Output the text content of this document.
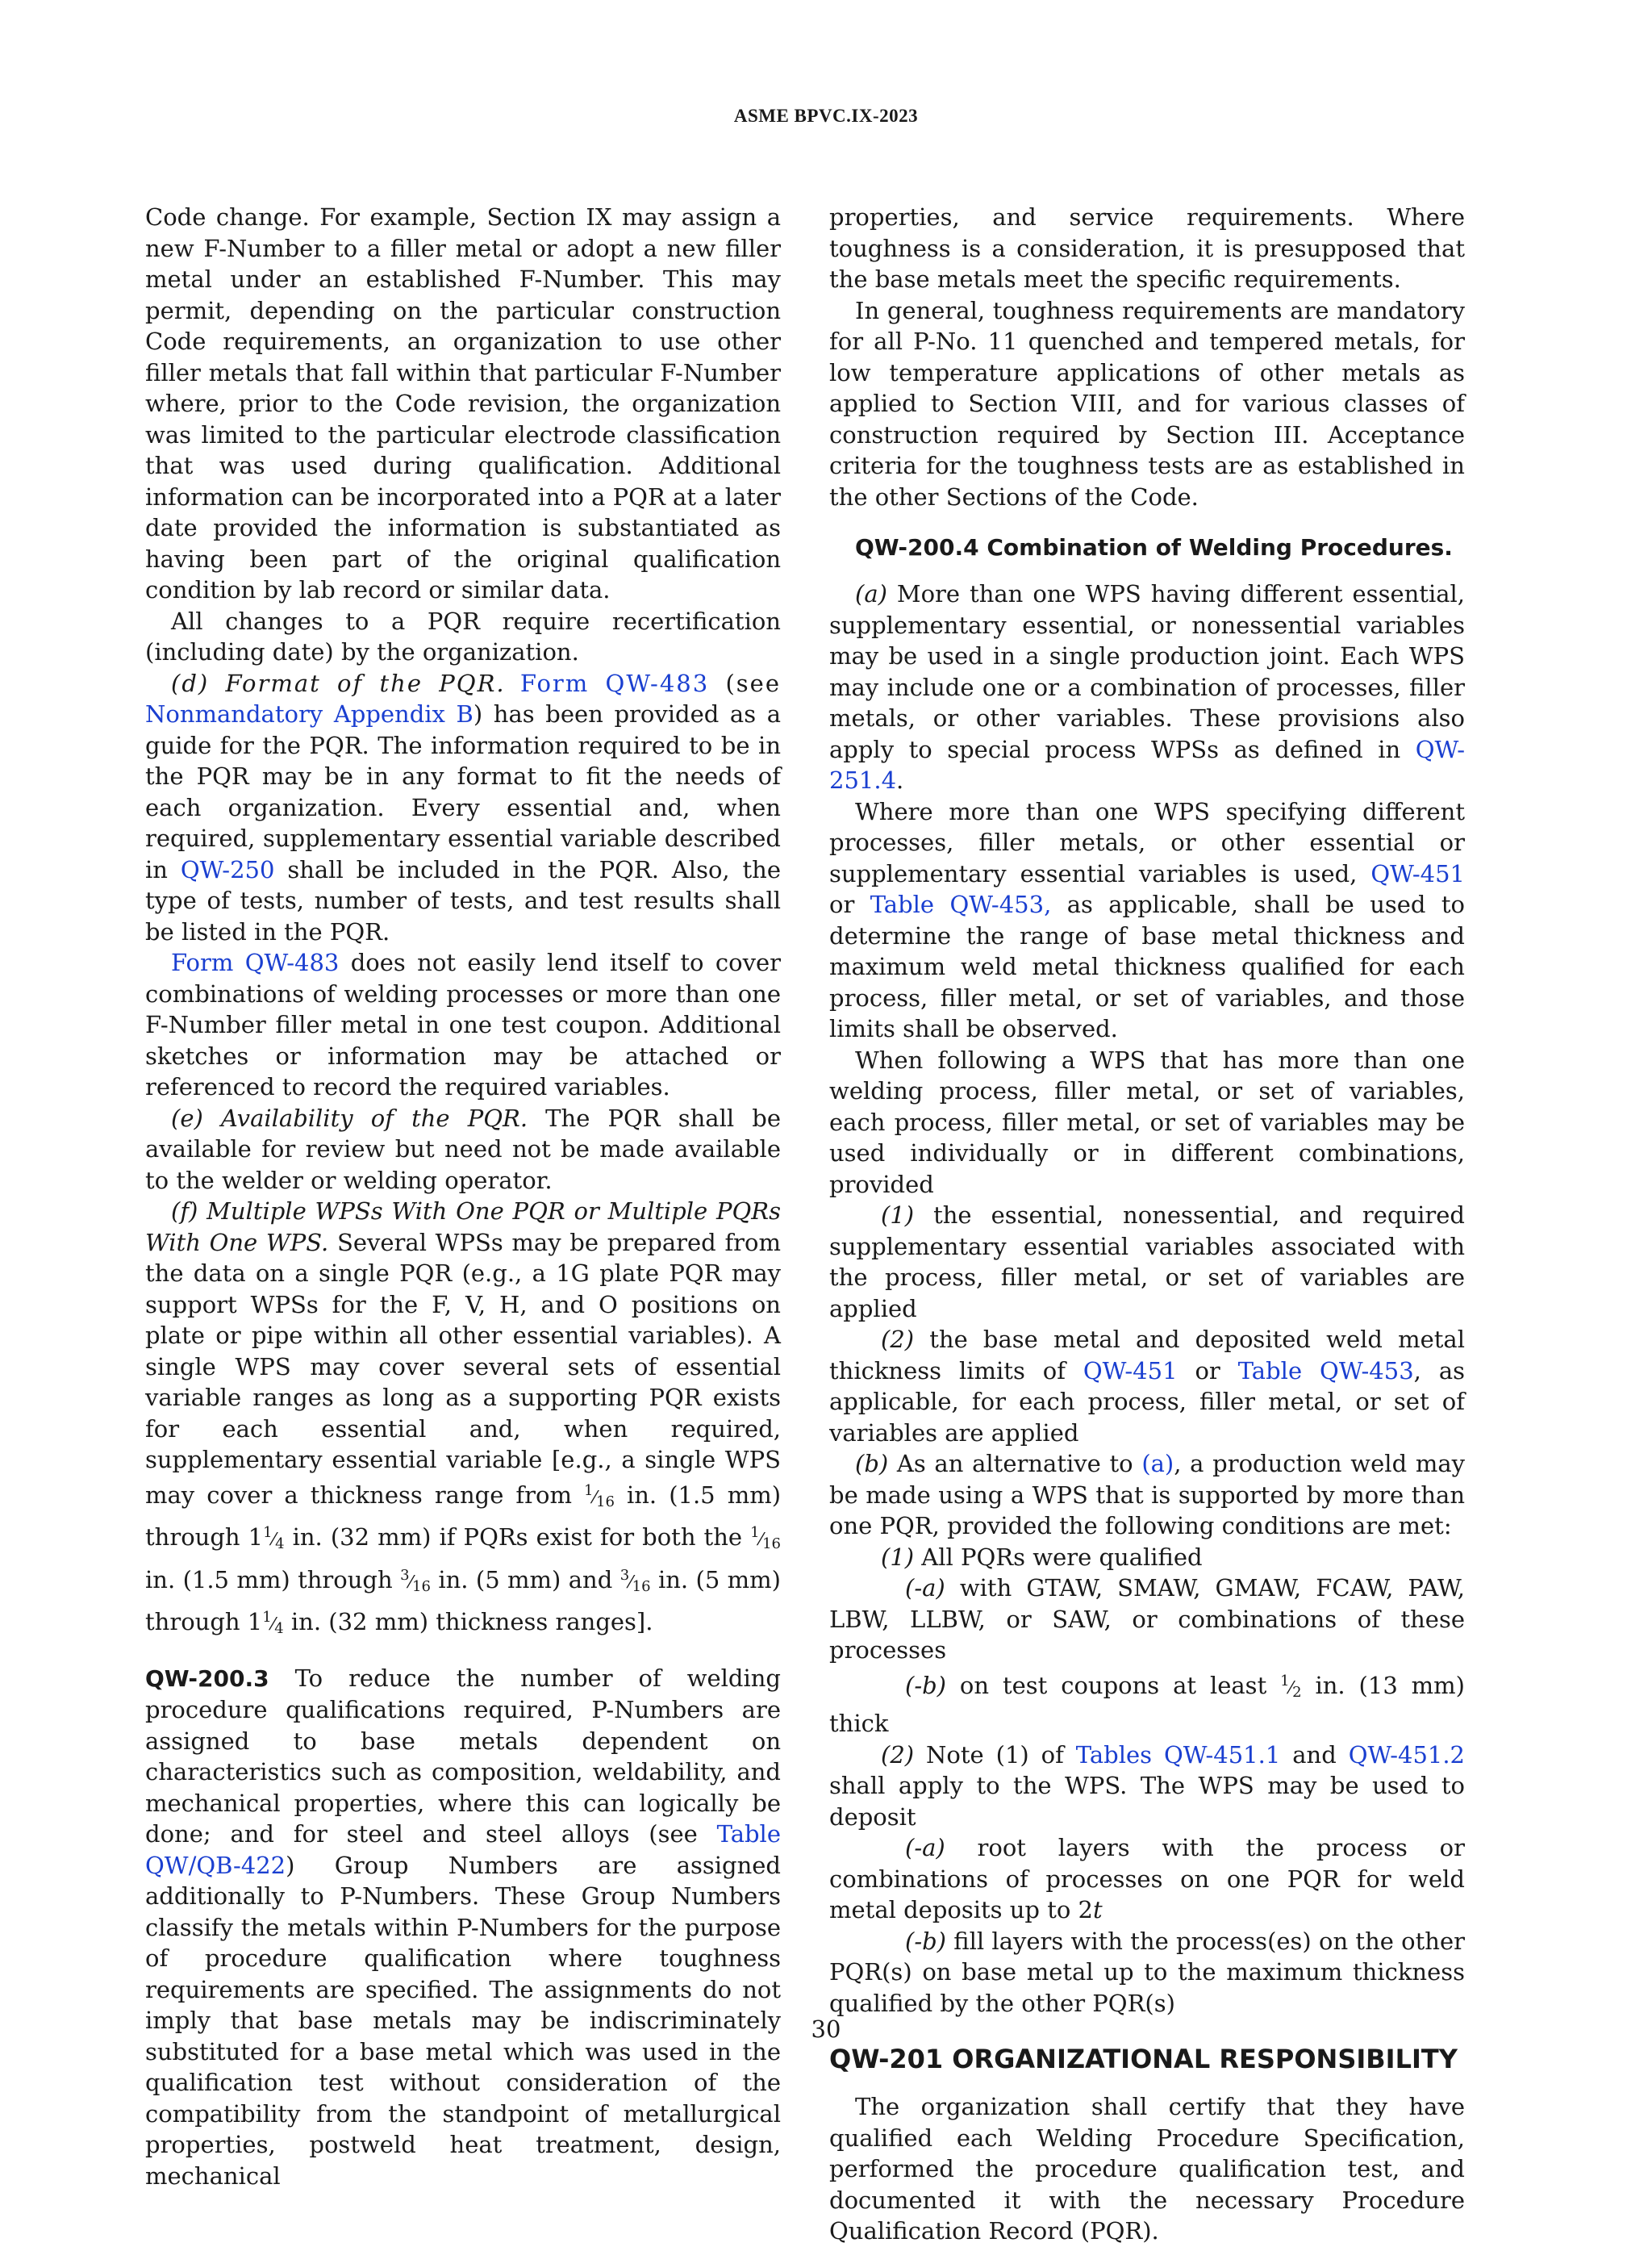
ASME BPVC.IX-2023

Code change. For example, Section IX may assign a new F-Number to a filler metal or adopt a new filler metal under an established F-Number. This may permit, depending on the particular construction Code requirements, an organization to use other filler metals that fall within that particular F-Number where, prior to the Code revision, the organization was limited to the particular electrode classification that was used during qualification. Additional information can be incorporated into a PQR at a later date provided the information is substantiated as having been part of the original qualification condition by lab record or similar data.

All changes to a PQR require recertification (including date) by the organization.

(d) Format of the PQR. Form QW-483 (see Nonmandatory Appendix B) has been provided as a guide for the PQR. The information required to be in the PQR may be in any format to fit the needs of each organization. Every essential and, when required, supplementary essential variable described in QW-250 shall be included in the PQR. Also, the type of tests, number of tests, and test results shall be listed in the PQR.

Form QW-483 does not easily lend itself to cover combinations of welding processes or more than one F-Number filler metal in one test coupon. Additional sketches or information may be attached or referenced to record the required variables.

(e) Availability of the PQR. The PQR shall be available for review but need not be made available to the welder or welding operator.

(f) Multiple WPSs With One PQR or Multiple PQRs With One WPS. Several WPSs may be prepared from the data on a single PQR (e.g., a 1G plate PQR may support WPSs for the F, V, H, and O positions on plate or pipe within all other essential variables). A single WPS may cover several sets of essential variable ranges as long as a supporting PQR exists for each essential and, when required, supplementary essential variable [e.g., a single WPS may cover a thickness range from $^1⁄_{16}$ in. (1.5 mm) through $1^1⁄_4$ in. (32 mm) if PQRs exist for both the $^1⁄_{16}$ in. (1.5 mm) through $^3⁄_{16}$ in. (5 mm) and $^3⁄_{16}$ in. (5 mm) through $1^1⁄_4$ in. (32 mm) thickness ranges].

QW-200.3 To reduce the number of welding procedure qualifications required, P-Numbers are assigned to base metals dependent on characteristics such as composition, weldability, and mechanical properties, where this can logically be done; and for steel and steel alloys (see Table QW/QB-422) Group Numbers are assigned additionally to P-Numbers. These Group Numbers classify the metals within P-Numbers for the purpose of procedure qualification where toughness requirements are specified. The assignments do not imply that base metals may be indiscriminately substituted for a base metal which was used in the qualification test without consideration of the compatibility from the standpoint of metallurgical properties, postweld heat treatment, design, mechanical

properties, and service requirements. Where toughness is a consideration, it is presupposed that the base metals meet the specific requirements.

In general, toughness requirements are mandatory for all P-No. 11 quenched and tempered metals, for low temperature applications of other metals as applied to Section VIII, and for various classes of construction required by Section III. Acceptance criteria for the toughness tests are as established in the other Sections of the Code.

QW-200.4 Combination of Welding Procedures.

(a) More than one WPS having different essential, supplementary essential, or nonessential variables may be used in a single production joint. Each WPS may include one or a combination of processes, filler metals, or other variables. These provisions also apply to special process WPSs as defined in QW-251.4.

Where more than one WPS specifying different processes, filler metals, or other essential or supplementary essential variables is used, QW-451 or Table QW-453, as applicable, shall be used to determine the range of base metal thickness and maximum weld metal thickness qualified for each process, filler metal, or set of variables, and those limits shall be observed.

When following a WPS that has more than one welding process, filler metal, or set of variables, each process, filler metal, or set of variables may be used individually or in different combinations, provided

(1) the essential, nonessential, and required supplementary essential variables associated with the process, filler metal, or set of variables are applied

(2) the base metal and deposited weld metal thickness limits of QW-451 or Table QW-453, as applicable, for each process, filler metal, or set of variables are applied

(b) As an alternative to (a), a production weld may be made using a WPS that is supported by more than one PQR, provided the following conditions are met:

(1) All PQRs were qualified

(-a) with GTAW, SMAW, GMAW, FCAW, PAW, LBW, LLBW, or SAW, or combinations of these processes

(-b) on test coupons at least $^1⁄_2$ in. (13 mm) thick

(2) Note (1) of Tables QW-451.1 and QW-451.2 shall apply to the WPS. The WPS may be used to deposit

(-a) root layers with the process or combinations of processes on one PQR for weld metal deposits up to 2t

(-b) fill layers with the process(es) on the other PQR(s) on base metal up to the maximum thickness qualified by the other PQR(s)

QW-201 ORGANIZATIONAL RESPONSIBILITY

The organization shall certify that they have qualified each Welding Procedure Specification, performed the procedure qualification test, and documented it with the necessary Procedure Qualification Record (PQR).

30
